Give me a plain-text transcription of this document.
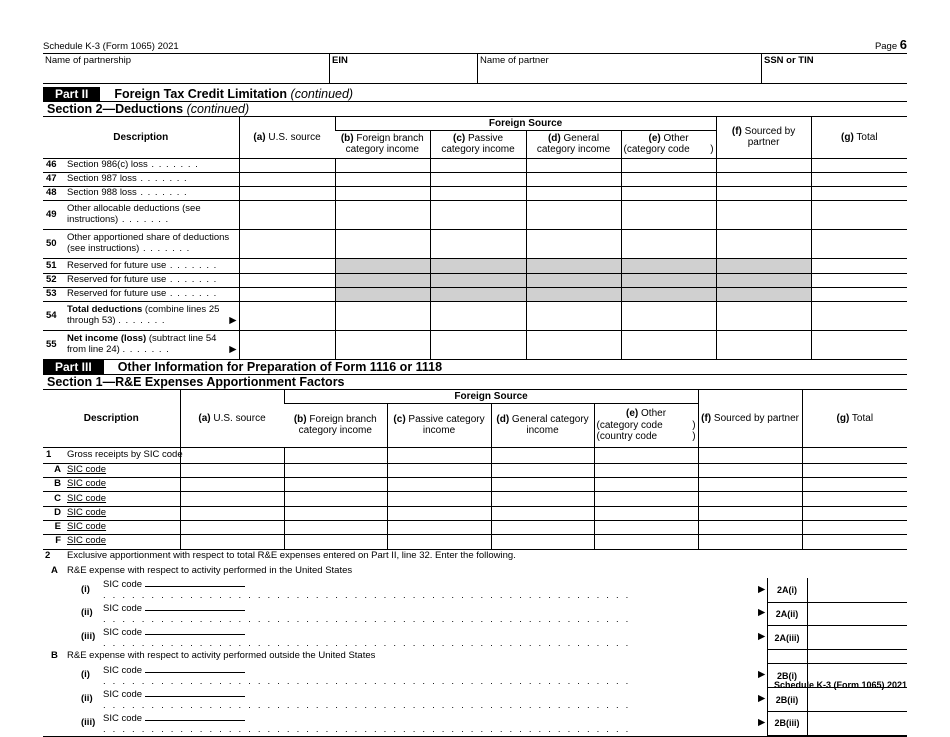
Schedule K-3 (Form 1065) 2021	Page 6
Name of partnership	EIN	Name of partner	SSN or TIN
Part II	Foreign Tax Credit Limitation (continued)
Section 2—Deductions (continued)
Description		(a) U.S. source	Foreign Source				(f) Sourced by partner	(g) Total
			(b) Foreign branch category income	(c) Passive category income	(d) General category income	(e) Other

(category code )		

46	Section 986(c) loss . . .							
47	Section 987 loss . . .							
48	Section 988 loss . . .							
49	Other allocable deductions (see instructions) . . .							
50	Other apportioned share of deductions (see instructions) . . .							
51	Reserved for future use . . .							
52	Reserved for future use . . .							
53	Reserved for future use . . .							
54	Total deductions (combine lines 25 through 53) . . . ▶

55	Net income (loss) (subtract line 54 from line 24) . . . ▶

Part III	Other Information for Preparation of Form 1116 or 1118
Section 1—R&E Expenses Apportionment Factors
Description		(a) U.S. source	Foreign Source				(f) Sourced by partner	(g) Total
			(b) Foreign branch category income	(c) Passive category income	(d) General category income	(e) Other
(category code )
(country code )		

1	Gross receipts by SIC code							
A	SIC code							
B	SIC code							
C	SIC code							
D	SIC code							
E	SIC code							
F	SIC code							
2	Exclusive apportionment with respect to total R&E expenses entered on Part II, line 32. Enter the following.					
A	R&E expense with respect to activity performed in the United States					
		(i)	SIC code  . . . . . . . . . . . . . . . . . . . . . . . . . . . . . . . . . . . . . . . . . . . . . . . . . . . . . . .	▶	2A(i)	
		(ii)	SIC code  . . . . . . . . . . . . . . . . . . . . . . . . . . . . . . . . . . . . . . . . . . . . . . . . . . . . . . .	▶	2A(ii)	
		(iii)	SIC code  . . . . . . . . . . . . . . . . . . . . . . . . . . . . . . . . . . . . . . . . . . . . . . . . . . . . . . .	▶	2A(iii)	
B	R&E expense with respect to activity performed outside the United States					
		(i)	SIC code  . . . . . . . . . . . . . . . . . . . . . . . . . . . . . . . . . . . . . . . . . . . . . . . . . . . . . . .	▶	2B(i)	
		(ii)	SIC code  . . . . . . . . . . . . . . . . . . . . . . . . . . . . . . . . . . . . . . . . . . . . . . . . . . . . . . .	▶	2B(ii)	
		(iii)	SIC code  . . . . . . . . . . . . . . . . . . . . . . . . . . . . . . . . . . . . . . . . . . . . . . . . . . . . . . .	▶	2B(iii)	
Schedule K-3 (Form 1065) 2021
